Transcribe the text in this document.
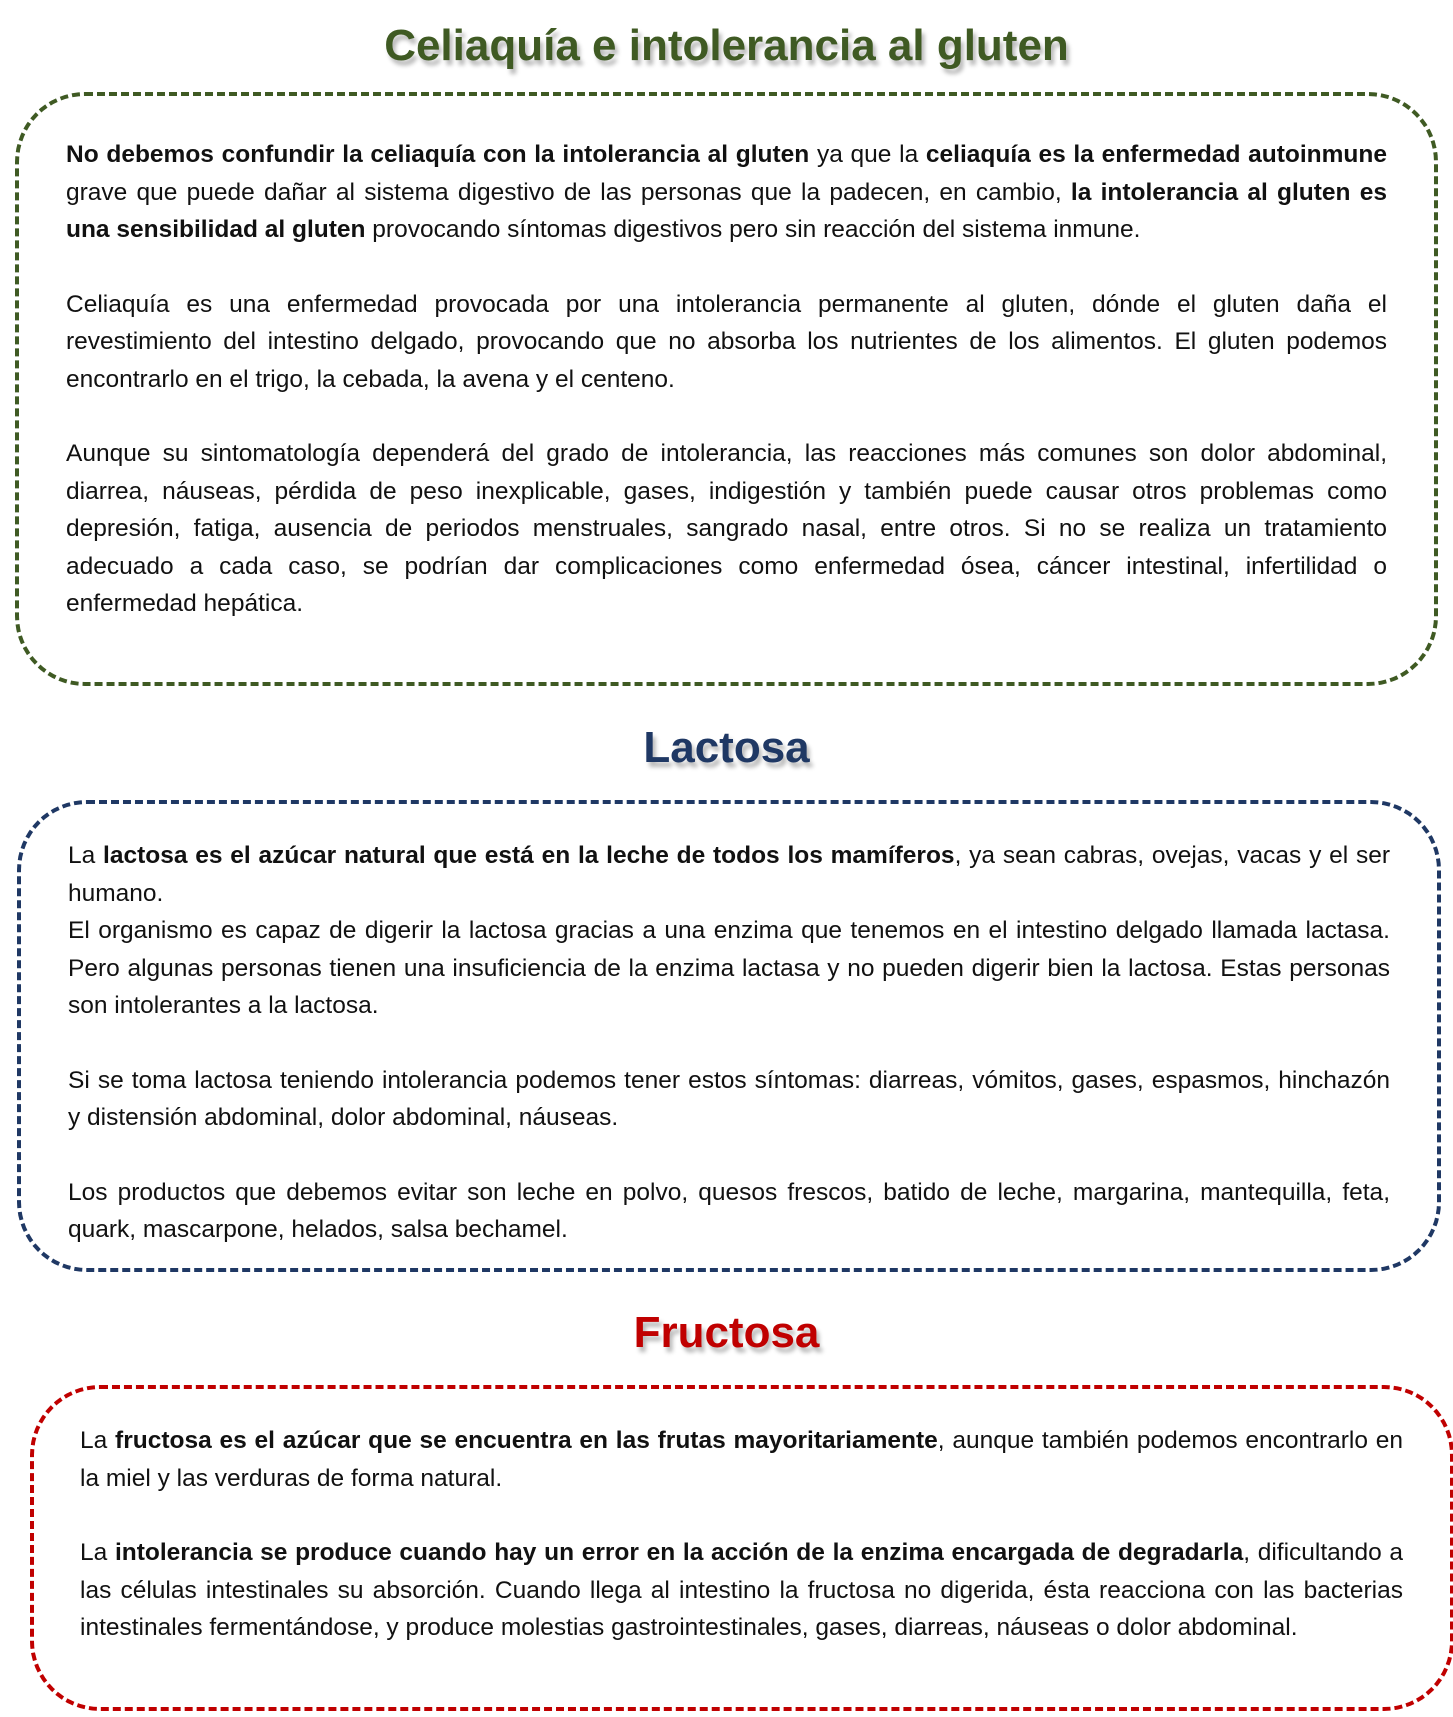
Celiaquía e intolerancia al gluten

No debemos confundir la celiaquía con la intolerancia al gluten ya que la celiaquía es la enfermedad autoinmune grave que puede dañar al sistema digestivo de las personas que la padecen, en cambio, la intolerancia al gluten es una sensibilidad al gluten provocando síntomas digestivos pero sin reacción del sistema inmune.

Celiaquía es una enfermedad provocada por una intolerancia permanente al gluten, dónde el gluten daña el revestimiento del intestino delgado, provocando que no absorba los nutrientes de los alimentos. El gluten podemos encontrarlo en el trigo, la cebada, la avena y el centeno.

Aunque su sintomatología dependerá del grado de intolerancia, las reacciones más comunes son dolor abdominal, diarrea, náuseas, pérdida de peso inexplicable, gases, indigestión y también puede causar otros problemas como depresión, fatiga, ausencia de periodos menstruales, sangrado nasal, entre otros. Si no se realiza un tratamiento adecuado a cada caso, se podrían dar complicaciones como enfermedad ósea, cáncer intestinal, infertilidad o enfermedad hepática.

Lactosa

La lactosa es el azúcar natural que está en la leche de todos los mamíferos, ya sean cabras, ovejas, vacas y el ser humano.

El organismo es capaz de digerir la lactosa gracias a una enzima que tenemos en el intestino delgado llamada lactasa. Pero algunas personas tienen una insuficiencia de la enzima lactasa y no pueden digerir bien la lactosa. Estas personas son intolerantes a la lactosa.

Si se toma lactosa teniendo intolerancia podemos tener estos síntomas: diarreas, vómitos, gases, espasmos, hinchazón y distensión abdominal, dolor abdominal, náuseas.

Los productos que debemos evitar son leche en polvo, quesos frescos, batido de leche, margarina, mantequilla, feta, quark, mascarpone, helados, salsa bechamel.

Fructosa

La fructosa es el azúcar que se encuentra en las frutas mayoritariamente, aunque también podemos encontrarlo en la miel y las verduras de forma natural.

La intolerancia se produce cuando hay un error en la acción de la enzima encargada de degradarla, dificultando a las células intestinales su absorción. Cuando llega al intestino la fructosa no digerida, ésta reacciona con las bacterias intestinales fermentándose, y produce molestias gastrointestinales, gases, diarreas, náuseas o dolor abdominal.
